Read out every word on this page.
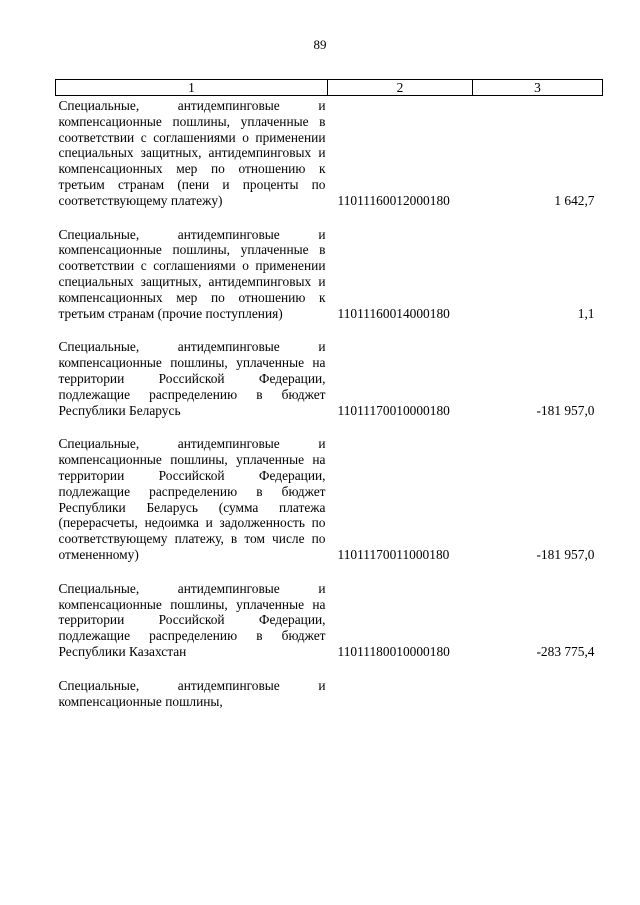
89
1	2	3
Специальные, антидемпинговые и компенсационные пошлины, уплаченные в соответствии с соглашениями о применении специальных защитных, антидемпинговых и компенсационных мер по отношению к третьим странам (пени и проценты по соответствующему платежу)	11011160012000180	1 642,7
Специальные, антидемпинговые и компенсационные пошлины, уплаченные в соответствии с соглашениями о применении специальных защитных, антидемпинговых и компенсационных мер по отношению к третьим странам (прочие поступления)	11011160014000180	1,1
Специальные, антидемпинговые и компенсационные пошлины, уплаченные на территории Российской Федерации, подлежащие распределению в бюджет Республики Беларусь	11011170010000180	-181 957,0
Специальные, антидемпинговые и компенсационные пошлины, уплаченные на территории Российской Федерации, подлежащие распределению в бюджет Республики Беларусь (сумма платежа (перерасчеты, недоимка и задолженность по соответствующему платежу, в том числе по отмененному)	11011170011000180	-181 957,0
Специальные, антидемпинговые и компенсационные пошлины, уплаченные на территории Российской Федерации, подлежащие распределению в бюджет Республики Казахстан	11011180010000180	-283 775,4
Специальные, антидемпинговые и компенсационные пошлины,		
